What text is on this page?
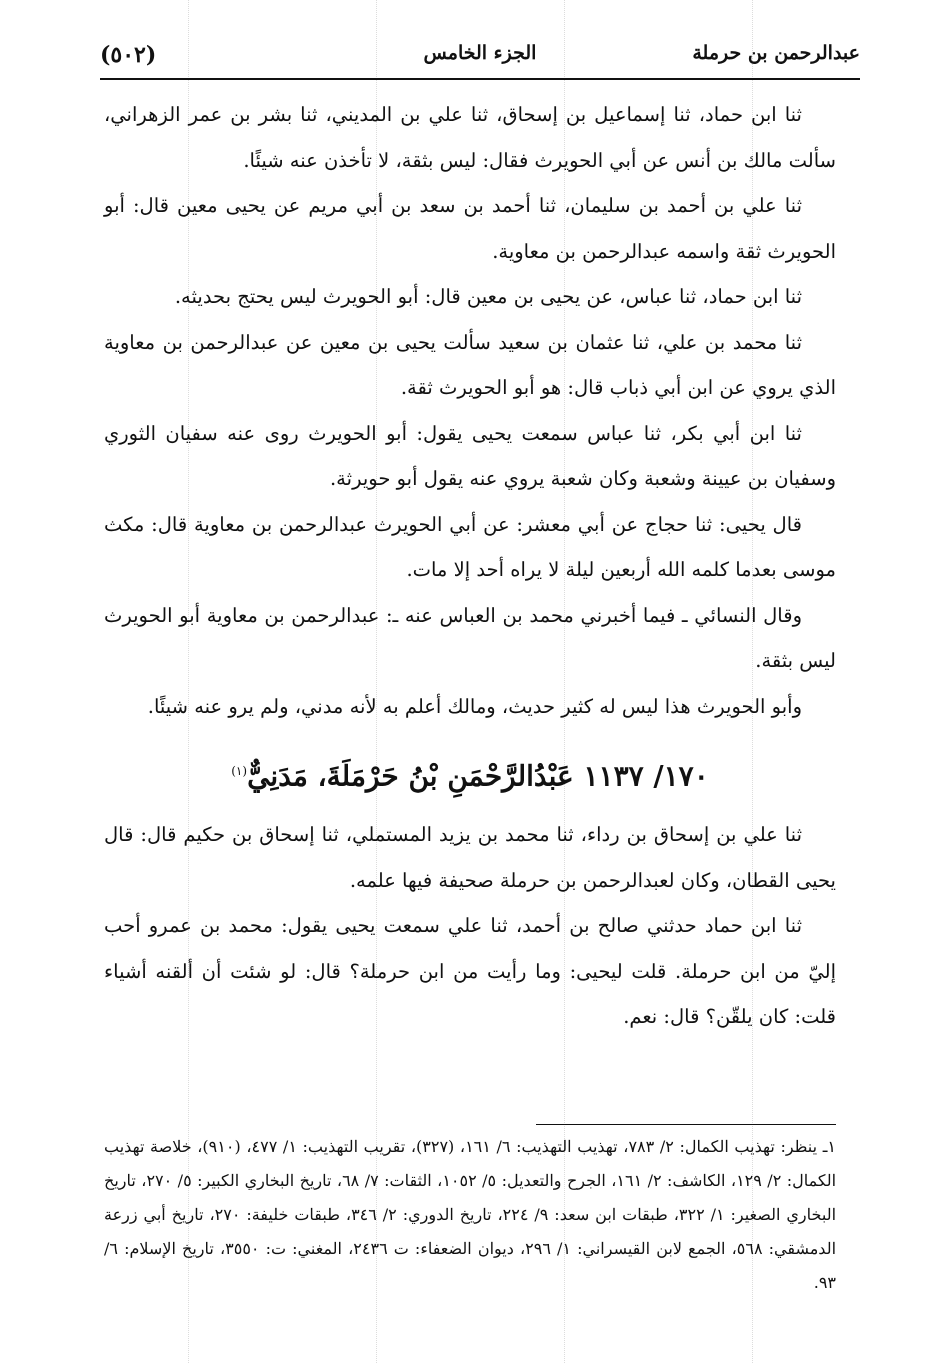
عبدالرحمن بن حرملة
الجزء الخامس
(٥٠٢)

ثنا ابن حماد، ثنا إسماعيل بن إسحاق، ثنا علي بن المديني، ثنا بشر بن عمر الزهراني، سألت مالك بن أنس عن أبي الحويرث فقال: ليس بثقة، لا تأخذن عنه شيئًا.

ثنا علي بن أحمد بن سليمان، ثنا أحمد بن سعد بن أبي مريم عن يحيى معين قال: أبو الحويرث ثقة واسمه عبدالرحمن بن معاوية.

ثنا ابن حماد، ثنا عباس، عن يحيى بن معين قال: أبو الحويرث ليس يحتج بحديثه.

ثنا محمد بن علي، ثنا عثمان بن سعيد سألت يحيى بن معين عن عبدالرحمن بن معاوية الذي يروي عن ابن أبي ذباب قال: هو أبو الحويرث ثقة.

ثنا ابن أبي بكر، ثنا عباس سمعت يحيى يقول: أبو الحويرث روى عنه سفيان الثوري وسفيان بن عيينة وشعبة وكان شعبة يروي عنه يقول أبو حويرثة.

قال يحيى: ثنا حجاج عن أبي معشر: عن أبي الحويرث عبدالرحمن بن معاوية قال: مكث موسى بعدما كلمه الله أربعين ليلة لا يراه أحد إلا مات.

وقال النسائي ـ فيما أخبرني محمد بن العباس عنه ـ: عبدالرحمن بن معاوية أبو الحويرث ليس بثقة.

وأبو الحويرث هذا ليس له كثير حديث، ومالك أعلم به لأنه مدني، ولم يرو عنه شيئًا.

١٧٠/ ١١٣٧ عَبْدُالرَّحْمَنِ بْنُ حَرْمَلَةَ، مَدَنِيٌّ$^{(١)}$

ثنا علي بن إسحاق بن رداء، ثنا محمد بن يزيد المستملي، ثنا إسحاق بن حكيم قال: قال يحيى القطان، وكان لعبدالرحمن بن حرملة صحيفة فيها علمه.

ثنا ابن حماد حدثني صالح بن أحمد، ثنا علي سمعت يحيى يقول: محمد بن عمرو أحب إليّ من ابن حرملة. قلت ليحيى: وما رأيت من ابن حرملة؟ قال: لو شئت أن ألقنه أشياء قلت: كان يلقّن؟ قال: نعم.

١ـ ينظر: تهذيب الكمال: ٢/ ٧٨٣، تهذيب التهذيب: ٦/ ١٦١، (٣٢٧)، تقريب التهذيب: ١/ ٤٧٧، (٩١٠)، خلاصة تهذيب الكمال: ٢/ ١٢٩، الكاشف: ٢/ ١٦١، الجرح والتعديل: ٥/ ١٠٥٢، الثقات: ٧/ ٦٨، تاريخ البخاري الكبير: ٥/ ٢٧٠، تاريخ البخاري الصغير: ١/ ٣٢٢، طبقات ابن سعد: ٩/ ٢٢٤، تاريخ الدوري: ٢/ ٣٤٦، طبقات خليفة: ٢٧٠، تاريخ أبي زرعة الدمشقي: ٥٦٨، الجمع لابن القيسراني: ١/ ٢٩٦، ديوان الضعفاء: ت ٢٤٣٦، المغني: ت: ٣٥٥٠، تاريخ الإسلام: ٦/ ٩٣.
